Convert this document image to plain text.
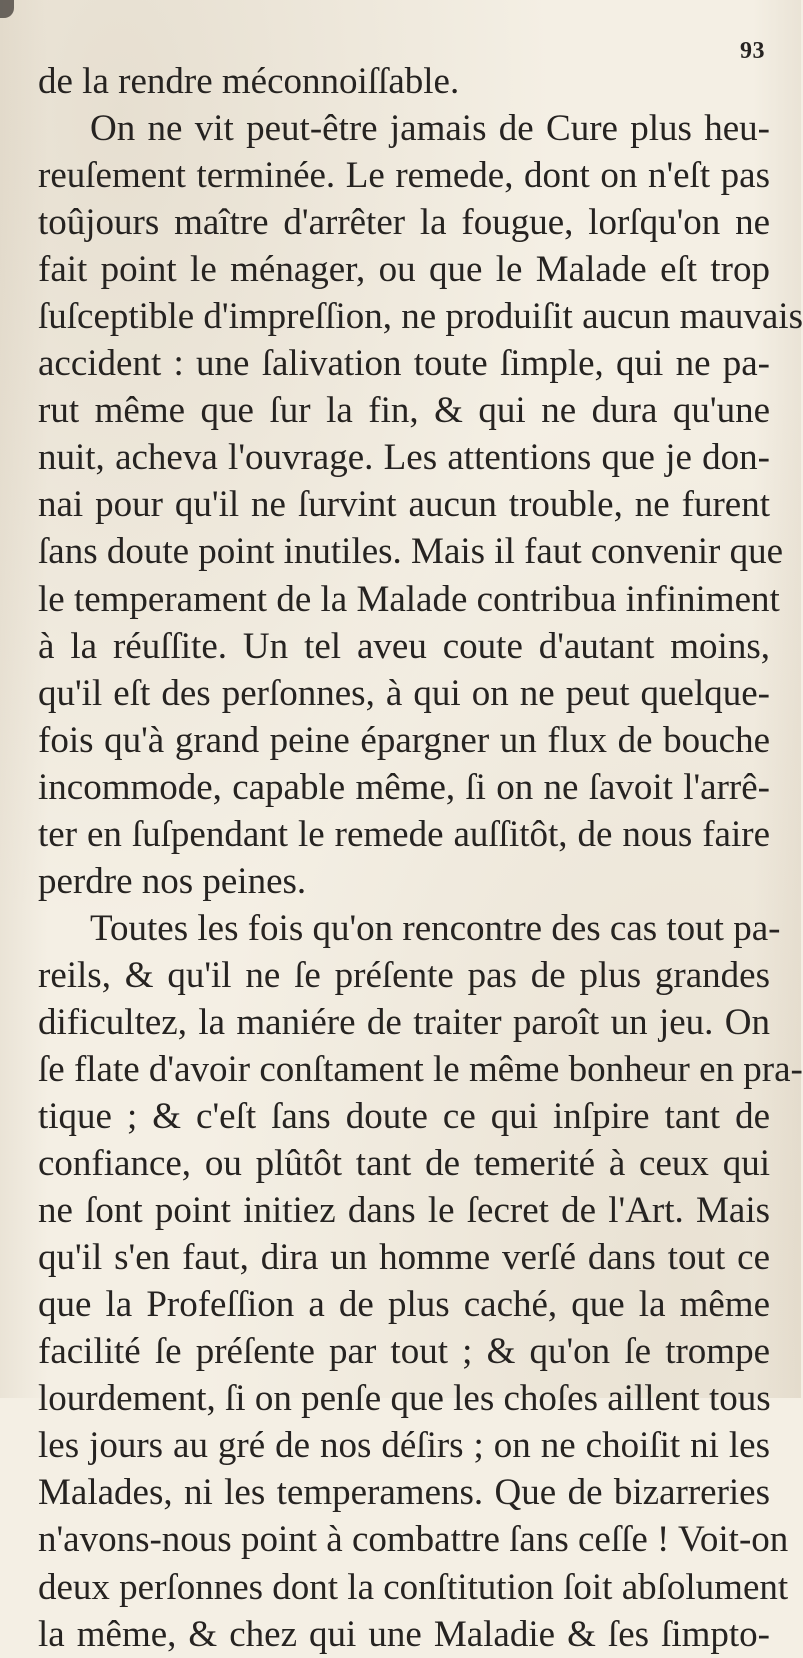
93
de la rendre méconnoiſſable.
On ne vit peut-être jamais de Cure plus heu-
reuſement terminée. Le remede, dont on n'eſt pas
toûjours maître d'arrêter la fougue, lorſqu'on ne
fait point le ménager, ou que le Malade eſt trop
ſuſceptible d'impreſſion, ne produiſit aucun mauvais
accident : une ſalivation toute ſimple, qui ne pa-
rut même que ſur la fin, & qui ne dura qu'une
nuit, acheva l'ouvrage. Les attentions que je don-
nai pour qu'il ne ſurvint aucun trouble, ne furent
ſans doute point inutiles. Mais il faut convenir que
le temperament de la Malade contribua infiniment
à la réuſſite. Un tel aveu coute d'autant moins,
qu'il eſt des perſonnes, à qui on ne peut quelque-
fois qu'à grand peine épargner un flux de bouche
incommode, capable même, ſi on ne ſavoit l'arrê-
ter en ſuſpendant le remede auſſitôt, de nous faire
perdre nos peines.
Toutes les fois qu'on rencontre des cas tout pa-
reils, & qu'il ne ſe préſente pas de plus grandes
dificultez, la maniére de traiter paroît un jeu. On
ſe flate d'avoir conſtament le même bonheur en pra-
tique ; & c'eſt ſans doute ce qui inſpire tant de
confiance, ou plûtôt tant de temerité à ceux qui
ne ſont point initiez dans le ſecret de l'Art. Mais
qu'il s'en faut, dira un homme verſé dans tout ce
que la Profeſſion a de plus caché, que la même
facilité ſe préſente par tout ; & qu'on ſe trompe
lourdement, ſi on penſe que les choſes aillent tous
les jours au gré de nos déſirs ; on ne choiſit ni les
Malades, ni les temperamens. Que de bizarreries
n'avons-nous point à combattre ſans ceſſe ! Voit-on
deux perſonnes dont la conſtitution ſoit abſolument
la même, & chez qui une Maladie & ſes ſimpto-
